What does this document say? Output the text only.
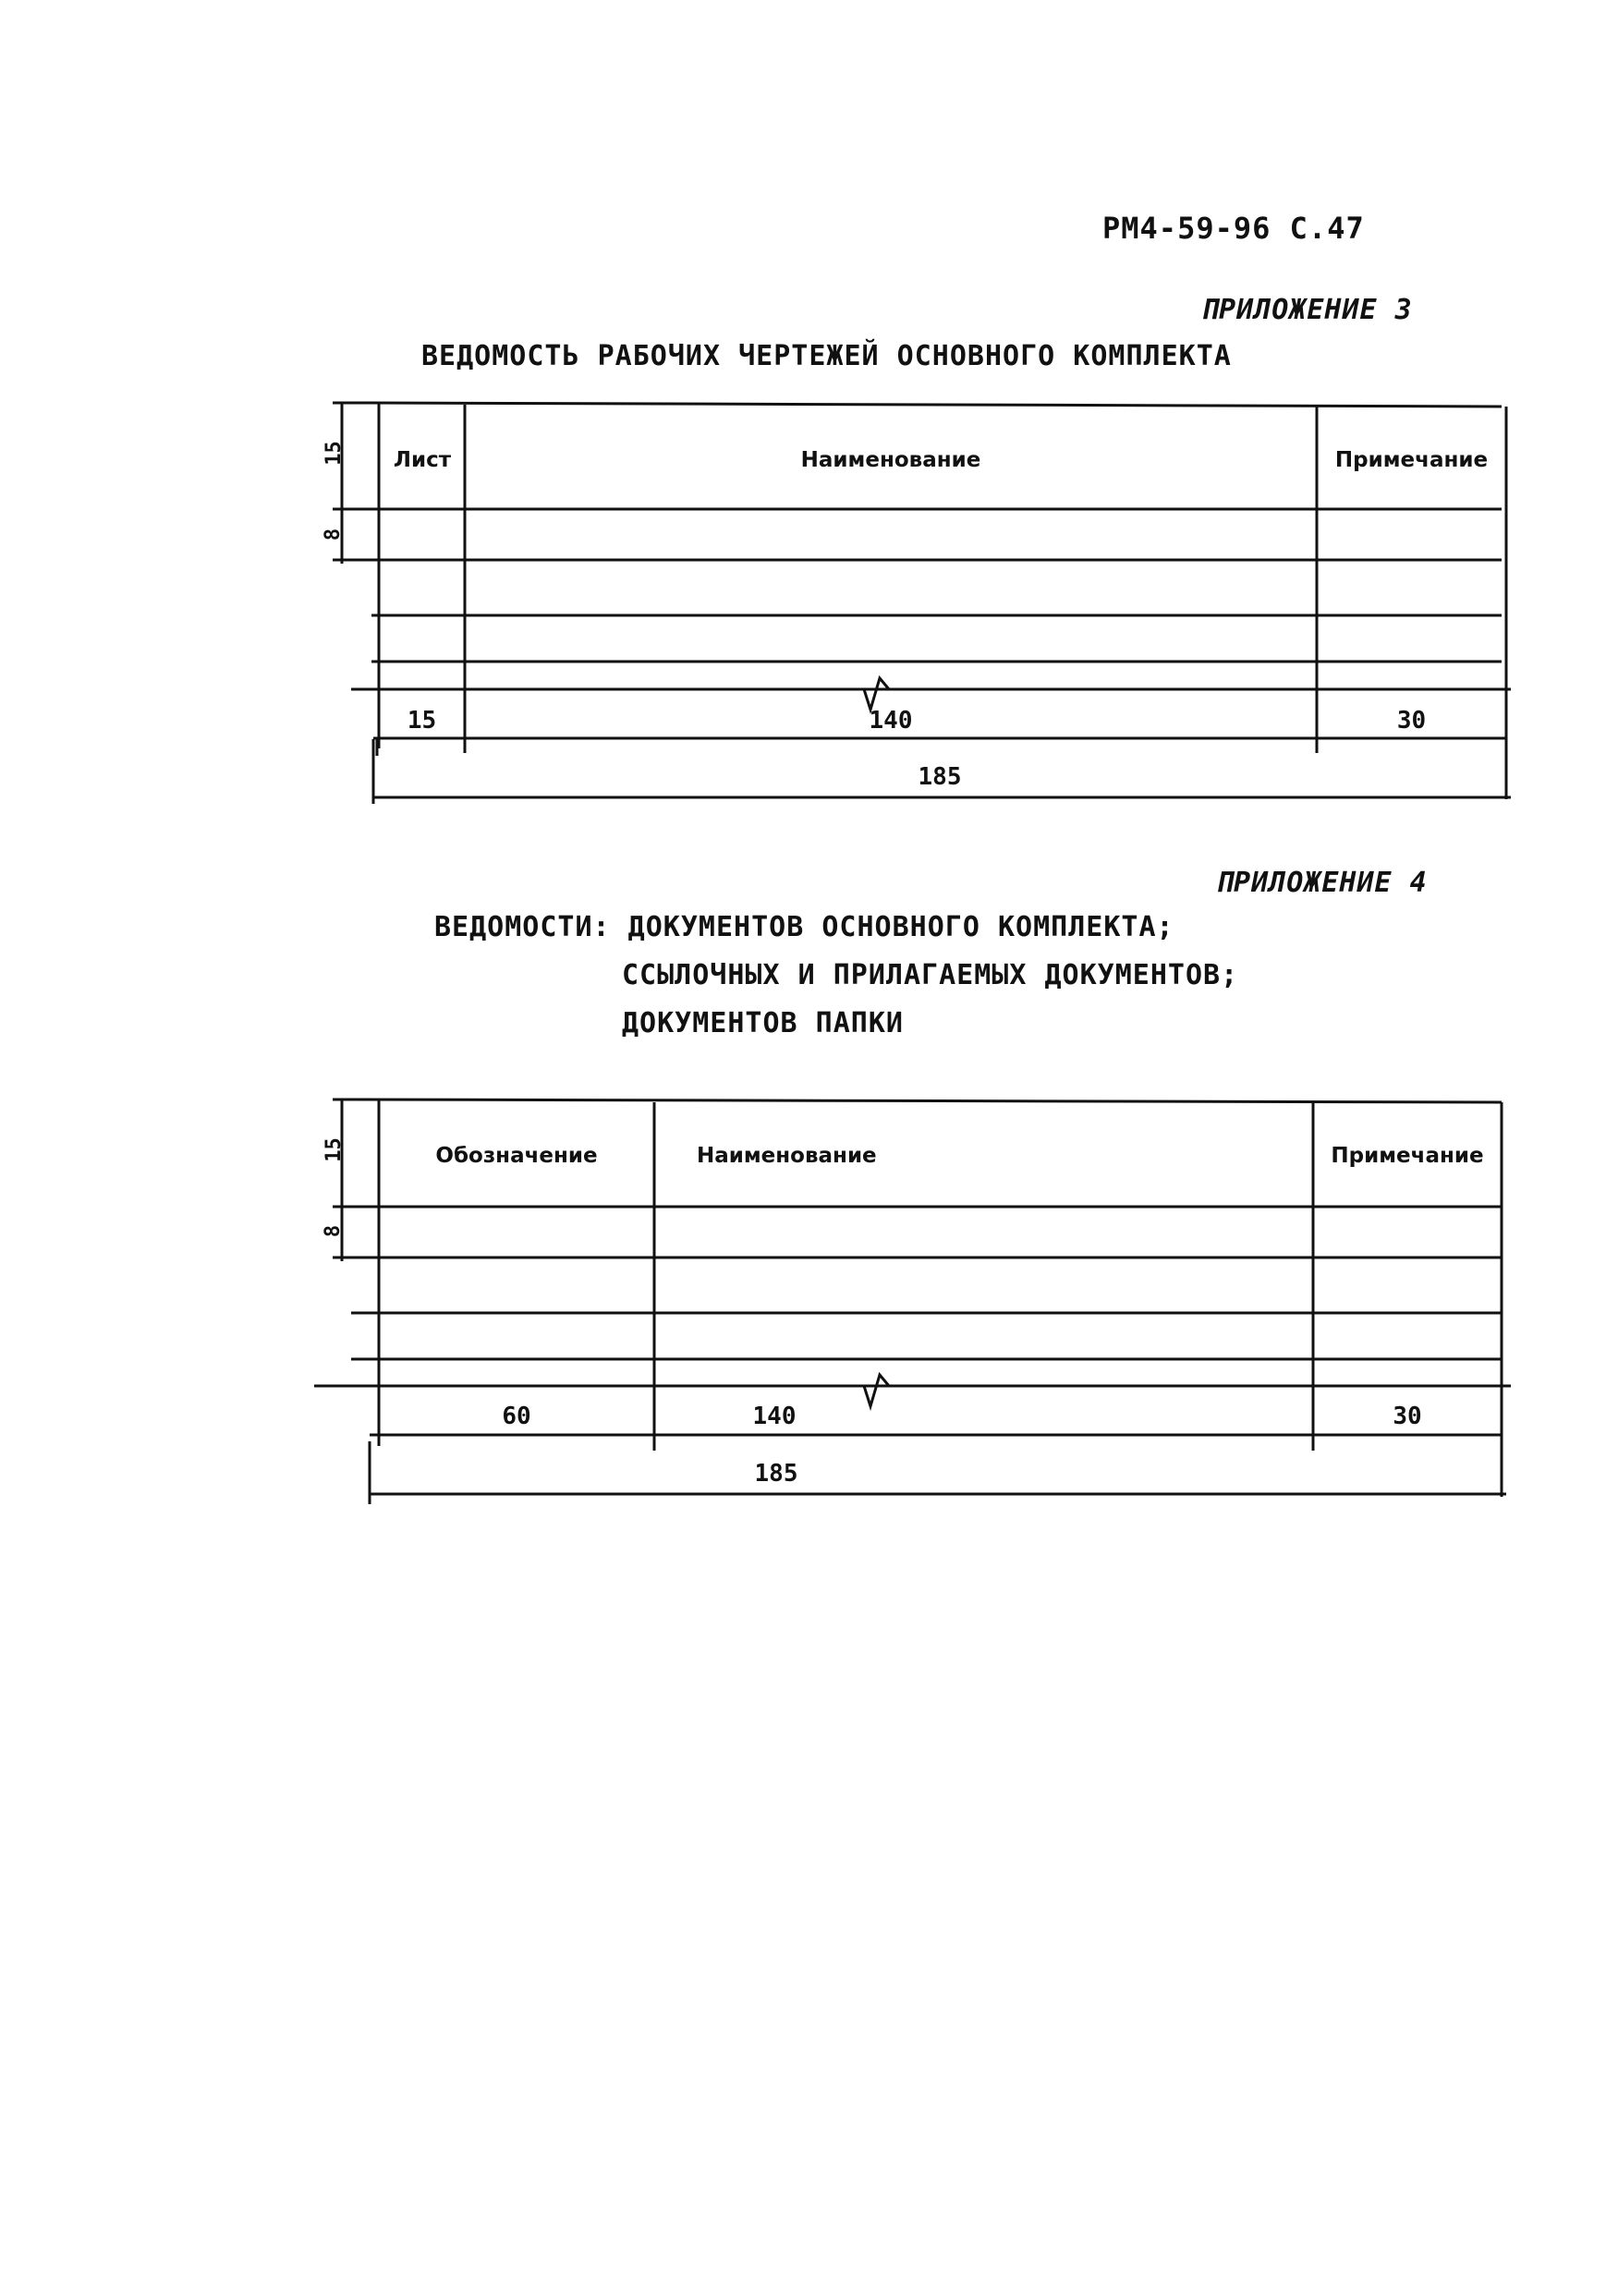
РМ4-59-96 С.47
ПРИЛОЖЕНИЕ 3
ВЕДОМОСТЬ РАБОЧИХ ЧЕРТЕЖЕЙ ОСНОВНОГО КОМПЛЕКТА
Лист	Наименование	Примечание
15
8
15	140	30
185
ПРИЛОЖЕНИЕ 4
ВЕДОМОСТИ: ДОКУМЕНТОВ ОСНОВНОГО КОМПЛЕКТА;
ССЫЛОЧНЫХ И ПРИЛАГАЕМЫХ ДОКУМЕНТОВ;
ДОКУМЕНТОВ ПАПКИ
Обозначение	Наименование	Примечание
15
8
60	140	30
185
